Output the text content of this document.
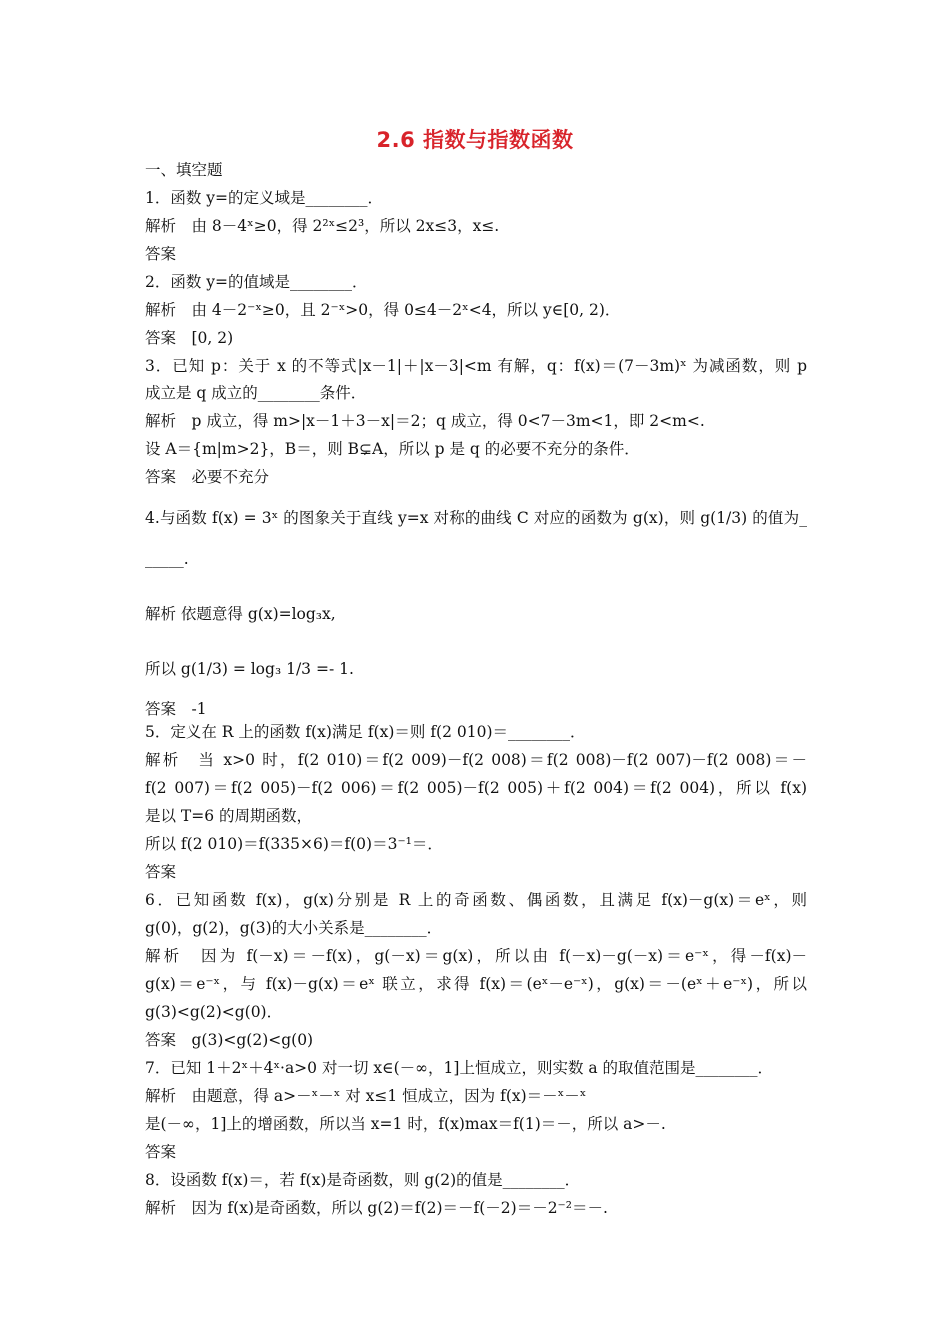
2.6 指数与指数函数
一、填空题
1．函数 y=的定义域是________．
解析　由 8－4ˣ≥0，得 2²ˣ≤2³，所以 2x≤3，x≤.
答案
2．函数 y=的值域是________．
解析　由 4－2⁻ˣ≥0，且 2⁻ˣ>0，得 0≤4－2ˣ<4，所以 y∈[0, 2)．
答案　[0, 2)
3．已知 p：关于 x 的不等式|x－1|＋|x－3|<m 有解，q：f(x)＝(7－3m)ˣ 为减函数，则 p
成立是 q 成立的________条件．
解析　p 成立，得 m>|x－1＋3－x|＝2；q 成立，得 0<7－3m<1，即 2<m<.
设 A＝{m|m>2}，B＝，则 B⊊A，所以 p 是 q 的必要不充分的条件．
答案　必要不充分
4.与函数 f(x) = 3ˣ 的图象关于直线 y=x 对称的曲线 C 对应的函数为 g(x)，则 g(1/3) 的值为_
_____.
解析 依题意得 g(x)=log₃x,
所以 g(1/3) = log₃ 1/3 =- 1.
答案　-1
5．定义在 R 上的函数 f(x)满足 f(x)＝则 f(2 010)＝________．
解析　当 x>0 时，f(2 010)＝f(2 009)－f(2 008)＝f(2 008)－f(2 007)－f(2 008)＝－
f(2 007)＝f(2 005)－f(2 006)＝f(2 005)－f(2 005)＋f(2 004)＝f(2 004)，所以 f(x)
是以 T=6 的周期函数，
所以 f(2 010)＝f(335×6)＝f(0)＝3⁻¹＝．
答案
6．已知函数 f(x)，g(x)分别是 R 上的奇函数、偶函数，且满足 f(x)－g(x)＝eˣ，则
g(0)，g(2)，g(3)的大小关系是________．
解析　因为 f(－x)＝－f(x)，g(－x)＝g(x)，所以由 f(－x)－g(－x)＝e⁻ˣ，得－f(x)－
g(x)＝e⁻ˣ，与 f(x)－g(x)＝eˣ 联立，求得 f(x)＝(eˣ－e⁻ˣ)，g(x)＝－(eˣ＋e⁻ˣ)，所以
g(3)<g(2)<g(0)．
答案　g(3)<g(2)<g(0)
7．已知 1＋2ˣ＋4ˣ·a>0 对一切 x∈(－∞，1]上恒成立，则实数 a 的取值范围是________．
解析　由题意，得 a>－ˣ－ˣ 对 x≤1 恒成立，因为 f(x)＝－ˣ－ˣ
是(－∞，1]上的增函数，所以当 x=1 时，f(x)max＝f(1)＝－，所以 a>－.
答案
8．设函数 f(x)＝，若 f(x)是奇函数，则 g(2)的值是________．
解析　因为 f(x)是奇函数，所以 g(2)＝f(2)＝－f(－2)＝－2⁻²＝－.
